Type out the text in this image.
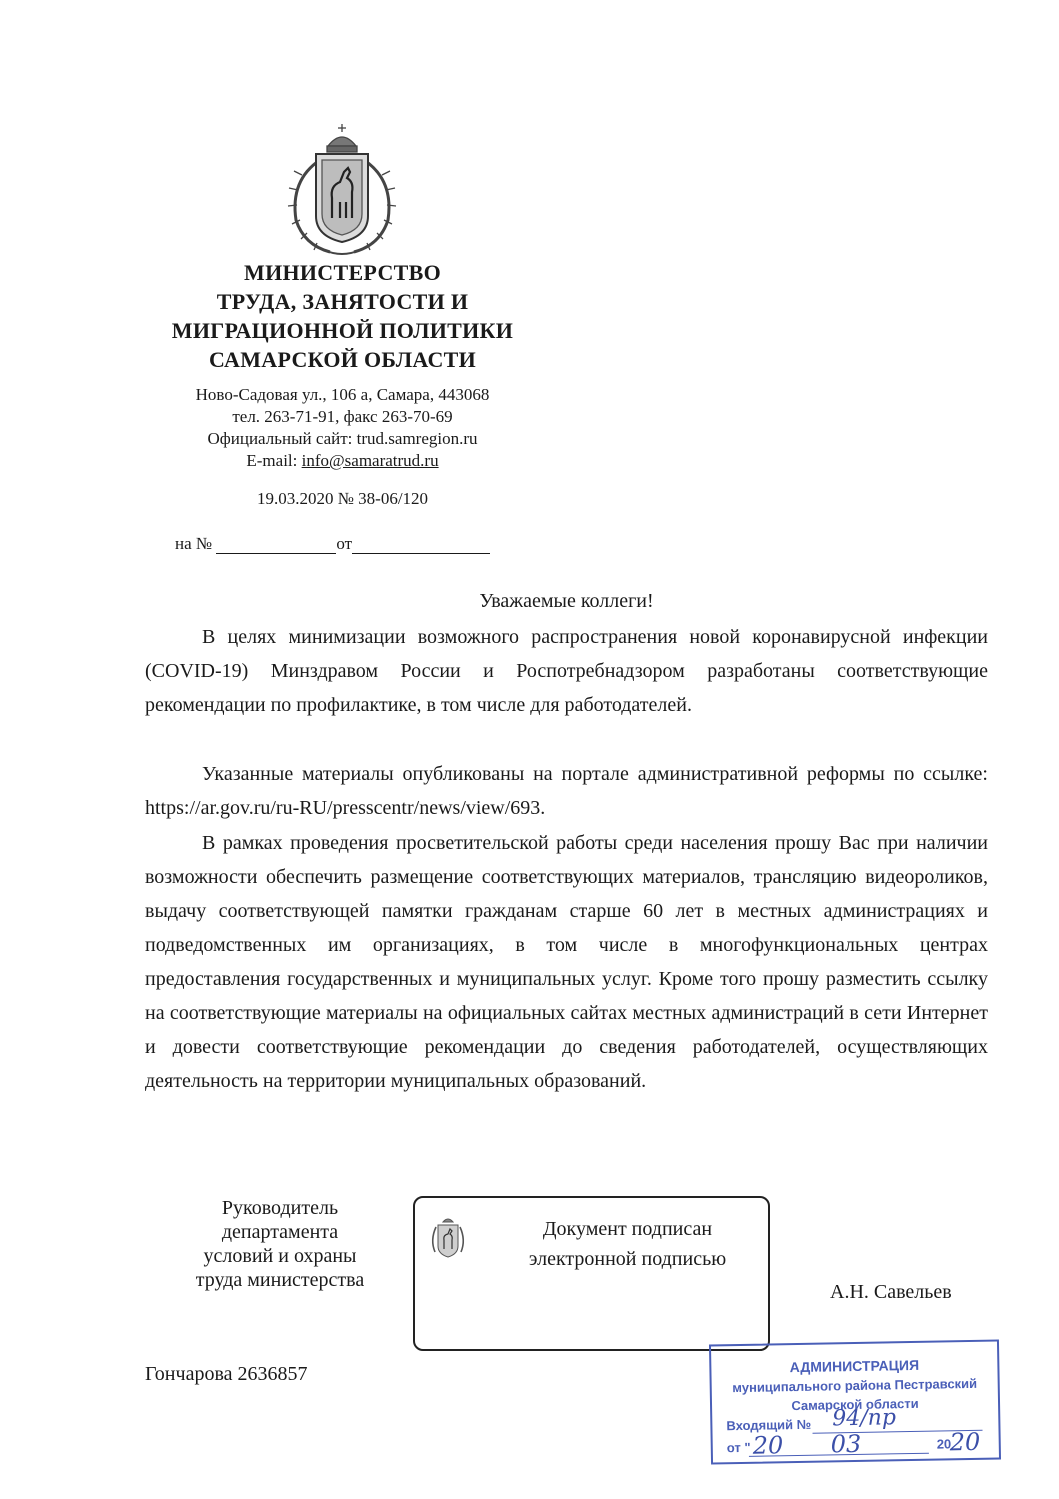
МИНИСТЕРСТВО
ТРУДА, ЗАНЯТОСТИ И
МИГРАЦИОННОЙ ПОЛИТИКИ
САМАРСКОЙ ОБЛАСТИ
Ново-Садовая ул., 106 а, Самара, 443068
тел. 263-71-91, факс 263-70-69
Официальный сайт: trud.samregion.ru
E-mail: info@samaratrud.ru
19.03.2020 № 38-06/120
на №	от
Уважаемые коллеги!

В целях минимизации возможного распространения новой коронавирусной инфекции (COVID-19) Минздравом России и Роспотребнадзором разработаны соответствующие рекомендации по профилактике, в том числе для работодателей.

Указанные материалы опубликованы на портале административной реформы по ссылке: https://ar.gov.ru/ru-RU/presscentr/news/view/693.

В рамках проведения просветительской работы среди населения прошу Вас при наличии возможности обеспечить размещение соответствующих материалов, трансляцию видеороликов, выдачу соответствующей памятки гражданам старше 60 лет в местных администрациях и подведомственных им организациях, в том числе в многофункциональных центрах предоставления государственных и муниципальных услуг. Кроме того прошу разместить ссылку на соответствующие материалы на официальных сайтах местных администраций в сети Интернет и довести соответствующие рекомендации до сведения работодателей, осуществляющих деятельность на территории муниципальных образований.

Руководитель
департамента
условий и охраны
труда министерства
Документ подписан
электронной подписью
А.Н. Савельев
Гончарова 2636857	АДМИНИСТРАЦИЯ
муниципального района Пестравский
Самарской области
Входящий № 94/пр
от " 20 03	20
20
